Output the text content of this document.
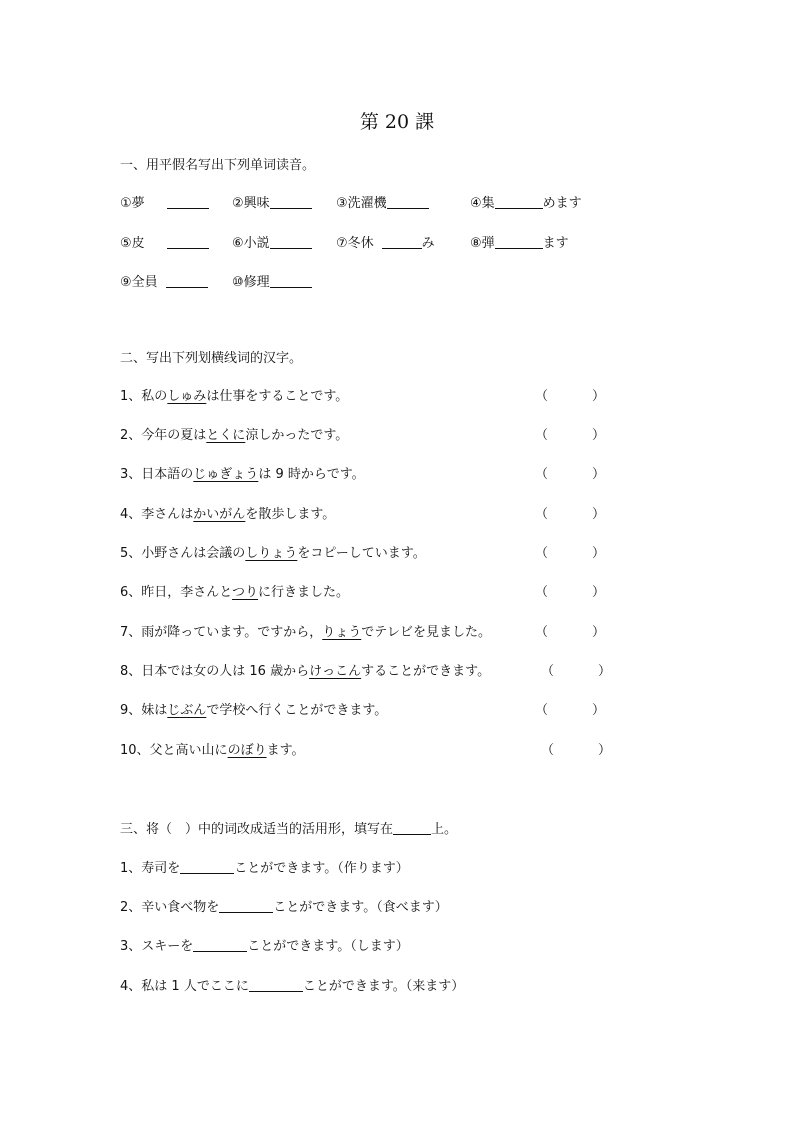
第 20 課
一、用平假名写出下列单词读音。
①夢	②興味	③洗濯機	④集	めます
⑤皮	⑥小説	⑦冬休	み	⑧弾	ます
⑨全員	⑩修理
二、写出下列划横线词的汉字。
1、私のしゅみは仕事をすることです。	（	）
2、今年の夏はとくに涼しかったです。	（	）
3、日本語のじゅぎょうは 9 時からです。	（	）
4、李さんはかいがんを散歩します。	（	）
5、小野さんは会議のしりょうをコピーしています。	（	）
6、昨日，李さんとつりに行きました。	（	）
7、雨が降っています。ですから，りょうでテレビを見ました。	（	）
8、日本では女の人は 16 歳からけっこんすることができます。	（	）
9、妹はじぶんで学校へ行くことができます。	（	）
10、父と高い山にのぼります。	（	）
三、将（　）中的词改成适当的活用形，填写在	上。
1、寿司を	ことができます。（作ります）
2、辛い食べ物を	ことができます。（食べます）
3、スキーを	ことができます。（します）
4、私は 1 人でここに	ことができます。（来ます）
